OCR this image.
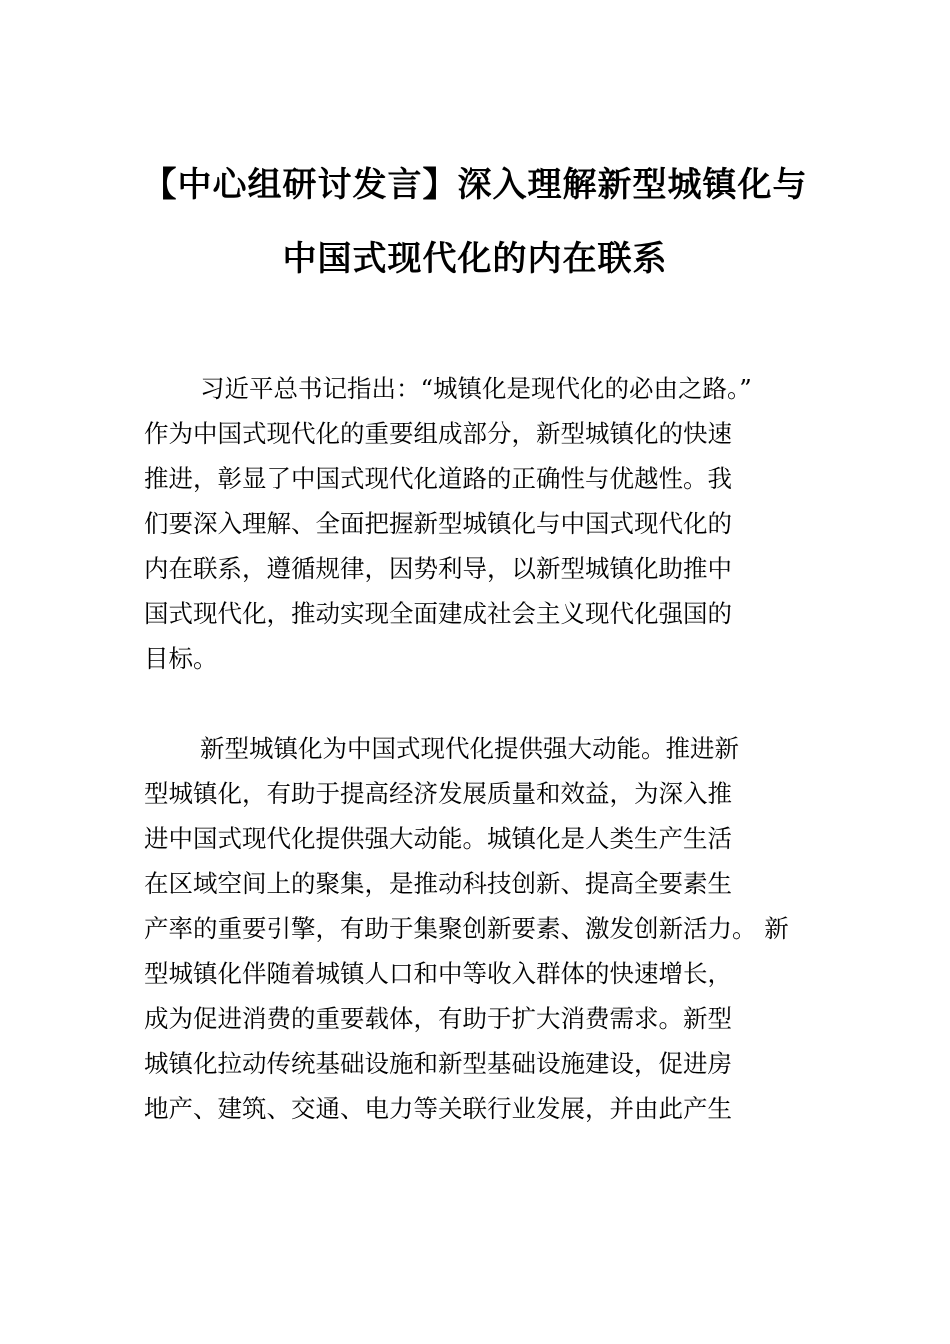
【中心组研讨发言】深入理解新型城镇化与
中国式现代化的内在联系

习近平总书记指出：“城镇化是现代化的必由之路。”
作为中国式现代化的重要组成部分，新型城镇化的快速
推进，彰显了中国式现代化道路的正确性与优越性。我
们要深入理解、全面把握新型城镇化与中国式现代化的
内在联系，遵循规律，因势利导，以新型城镇化助推中
国式现代化，推动实现全面建成社会主义现代化强国的
目标。

新型城镇化为中国式现代化提供强大动能。推进新
型城镇化，有助于提高经济发展质量和效益，为深入推
进中国式现代化提供强大动能。城镇化是人类生产生活
在区域空间上的聚集，是推动科技创新、提高全要素生
产率的重要引擎，有助于集聚创新要素、激发创新活力。 新
型城镇化伴随着城镇人口和中等收入群体的快速增长，
成为促进消费的重要载体，有助于扩大消费需求。新型
城镇化拉动传统基础设施和新型基础设施建设，促进房
地产、建筑、交通、电力等关联行业发展，并由此产生
